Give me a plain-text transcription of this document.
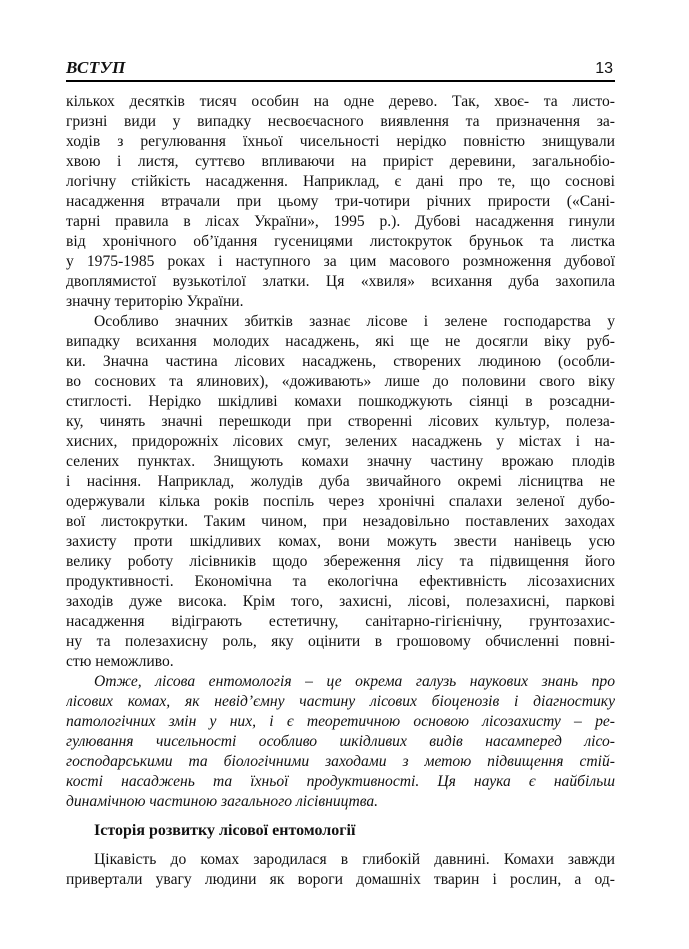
ВСТУП	13
кількох десятків тисяч особин на одне дерево. Так, хвоє- та листо-
гризні види у випадку несвоєчасного виявлення та призначення за-
ходів з регулювання їхньої чисельності нерідко повністю знищували
хвою і листя, суттєво впливаючи на приріст деревини, загальнобіо-
логічну стійкість насадження. Наприклад, є дані про те, що соснові
насадження втрачали при цьому три-чотири річних прирости («Сані-
тарні правила в лісах України», 1995 р.). Дубові насадження гинули
від хронічного об’їдання гусеницями листокруток бруньок та листка
у 1975-1985 роках і наступного за цим масового розмноження дубової
двоплямистої вузькотілої златки. Ця «хвиля» всихання дуба захопила
значну територію України.
Особливо значних збитків зазнає лісове і зелене господарства у
випадку всихання молодих насаджень, які ще не досягли віку руб-
ки. Значна частина лісових насаджень, створених людиною (особли-
во соснових та ялинових), «доживають» лише до половини свого віку
стиглості. Нерідко шкідливі комахи пошкоджують сіянці в розсадни-
ку, чинять значні перешкоди при створенні лісових культур, полеза-
хисних, придорожніх лісових смуг, зелених насаджень у містах і на-
селених пунктах. Знищують комахи значну частину врожаю плодів
і насіння. Наприклад, жолудів дуба звичайного окремі лісництва не
одержували кілька років поспіль через хронічні спалахи зеленої дубо-
вої листокрутки. Таким чином, при незадовільно поставлених заходах
захисту проти шкідливих комах, вони можуть звести нанівець усю
велику роботу лісівників щодо збереження лісу та підвищення його
продуктивності. Економічна та екологічна ефективність лісозахисних
заходів дуже висока. Крім того, захисні, лісові, полезахисні, паркові
насадження відіграють естетичну, санітарно-гігієнічну, грунтозахис-
ну та полезахисну роль, яку оцінити в грошовому обчисленні повні-
стю неможливо.
Отже, лісова ентомологія – це окрема галузь наукових знань про
лісових комах, як невід’ємну частину лісових біоценозів і діагностику
патологічних змін у них, і є теоретичною основою лісозахисту – ре-
гулювання чисельності особливо шкідливих видів насамперед лісо-
господарськими та біологічними заходами з метою підвищення стій-
кості насаджень та їхньої продуктивності. Ця наука є найбільш
динамічною частиною загального лісівництва.
Історія розвитку лісової ентомології
Цікавість до комах зародилася в глибокій давнині. Комахи завжди
привертали увагу людини як вороги домашніх тварин і рослин, а од-
